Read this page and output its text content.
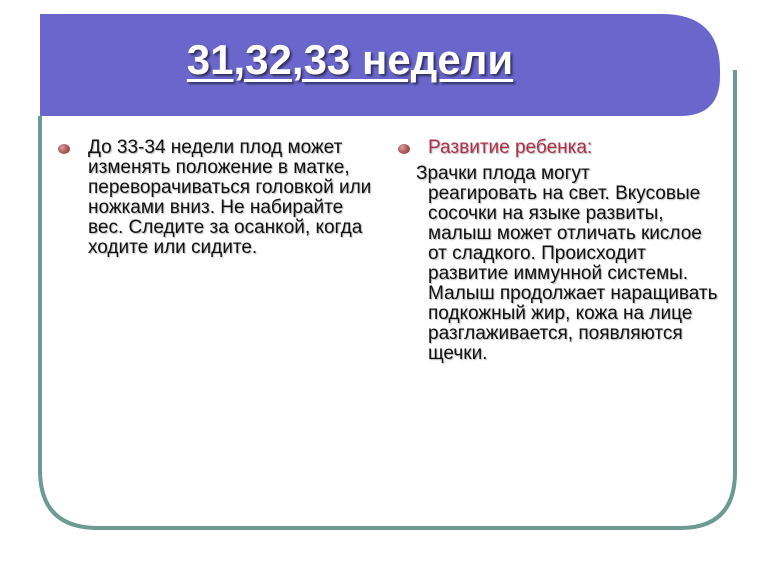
31,32,33 недели
До 33-34 недели плод может изменять положение в матке, переворачиваться головкой или ножками вниз. Не набирайте вес. Следите за осанкой, когда ходите или сидите.
Развитие ребенка:
Зрачки плода могут
реагировать на свет. Вкусовые сосочки на языке развиты, малыш может отличать кислое от сладкого. Происходит развитие иммунной системы. Малыш продолжает наращивать подкожный жир, кожа на лице разглаживается, появляются щечки.
